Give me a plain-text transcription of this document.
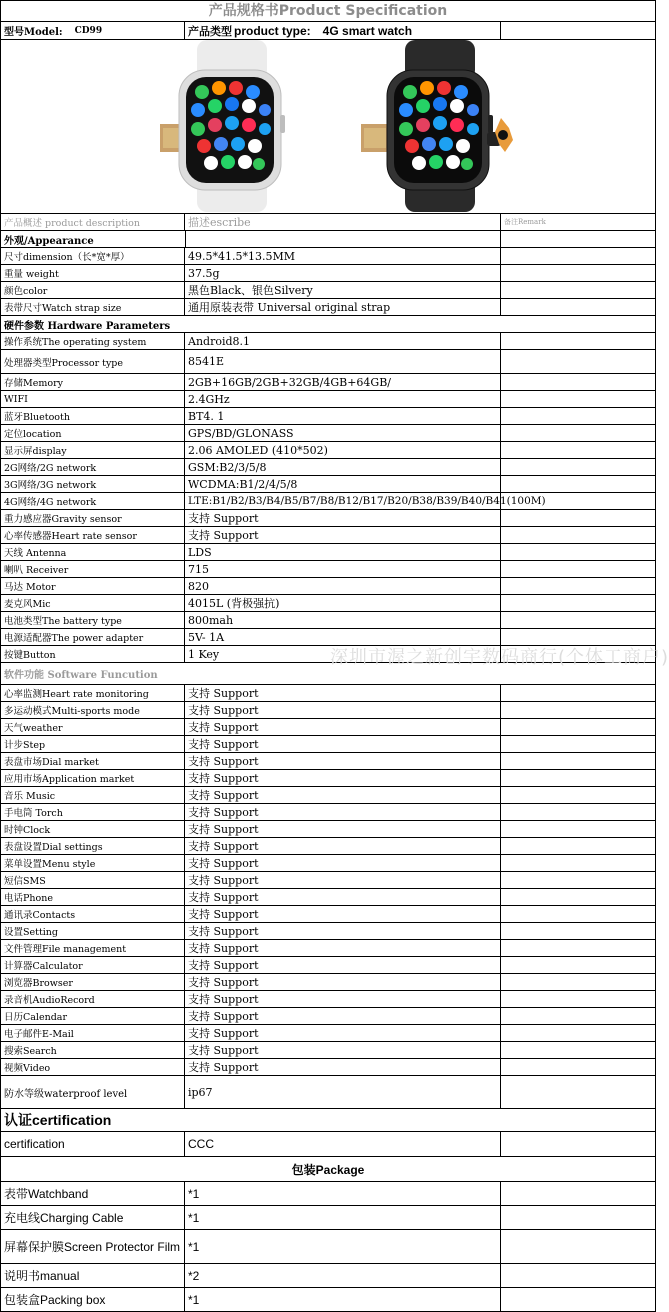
产品规格书Product Specification
型号Model: CD99	产品类型 product type: 4G smart watch
产品概述 product description	描述escribe	备注Remark
外观/Appearance
尺寸dimension（长*宽*厚）	49.5*41.5*13.5MM
重量 weight	37.5g
颜色color	黑色Black、银色Silvery
表带尺寸Watch strap size	通用原装表带 Universal original strap
硬件参数 Hardware Parameters
操作系统The operating system	Android8.1
处理器类型Processor type	8541E
存储Memory	2GB+16GB/2GB+32GB/4GB+64GB/
WIFI	2.4GHz
蓝牙Bluetooth	BT4. 1
定位location	GPS/BD/GLONASS
显示屏display	2.06 AMOLED (410*502)
2G网络/2G network	GSM:B2/3/5/8
3G网络/3G network	WCDMA:B1/2/4/5/8
4G网络/4G network	LTE:B1/B2/B3/B4/B5/B7/B8/B12/B17/B20/B38/B39/B40/B41(100M)
重力感应器Gravity sensor	支持 Support
心率传感器Heart rate sensor	支持 Support
天线 Antenna	LDS
喇叭 Receiver	715
马达 Motor	820
麦克风Mic	4015L (背极强抗)
电池类型The battery type	800mah
电源适配器The power adapter	5V- 1A
按键Button	1 Key
软件功能 Software Funcution
心率监测Heart rate monitoring	支持 Support
多运动模式Multi-sports mode	支持 Support
天气weather	支持 Support
计步Step	支持 Support
表盘市场Dial market	支持 Support
应用市场Application market	支持 Support
音乐 Music	支持 Support
手电筒 Torch	支持 Support
时钟Clock	支持 Support
表盘设置Dial settings	支持 Support
菜单设置Menu style	支持 Support
短信SMS	支持 Support
电话Phone	支持 Support
通讯录Contacts	支持 Support
设置Setting	支持 Support
文件管理File management	支持 Support
计算器Calculator	支持 Support
浏览器Browser	支持 Support
录音机AudioRecord	支持 Support
日历Calendar	支持 Support
电子邮件E-Mail	支持 Support
搜索Search	支持 Support
视频Video	支持 Support
防水等级waterproof level	ip67
认证certification
certification	CCC
包装Package
表带Watchband	*1
充电线Charging Cable	*1
屏幕保护膜Screen Protector Film *1
说明书manual	*2
包装盒Packing box	*1
深圳市渥之新创宇数码商行(个体工商户)
